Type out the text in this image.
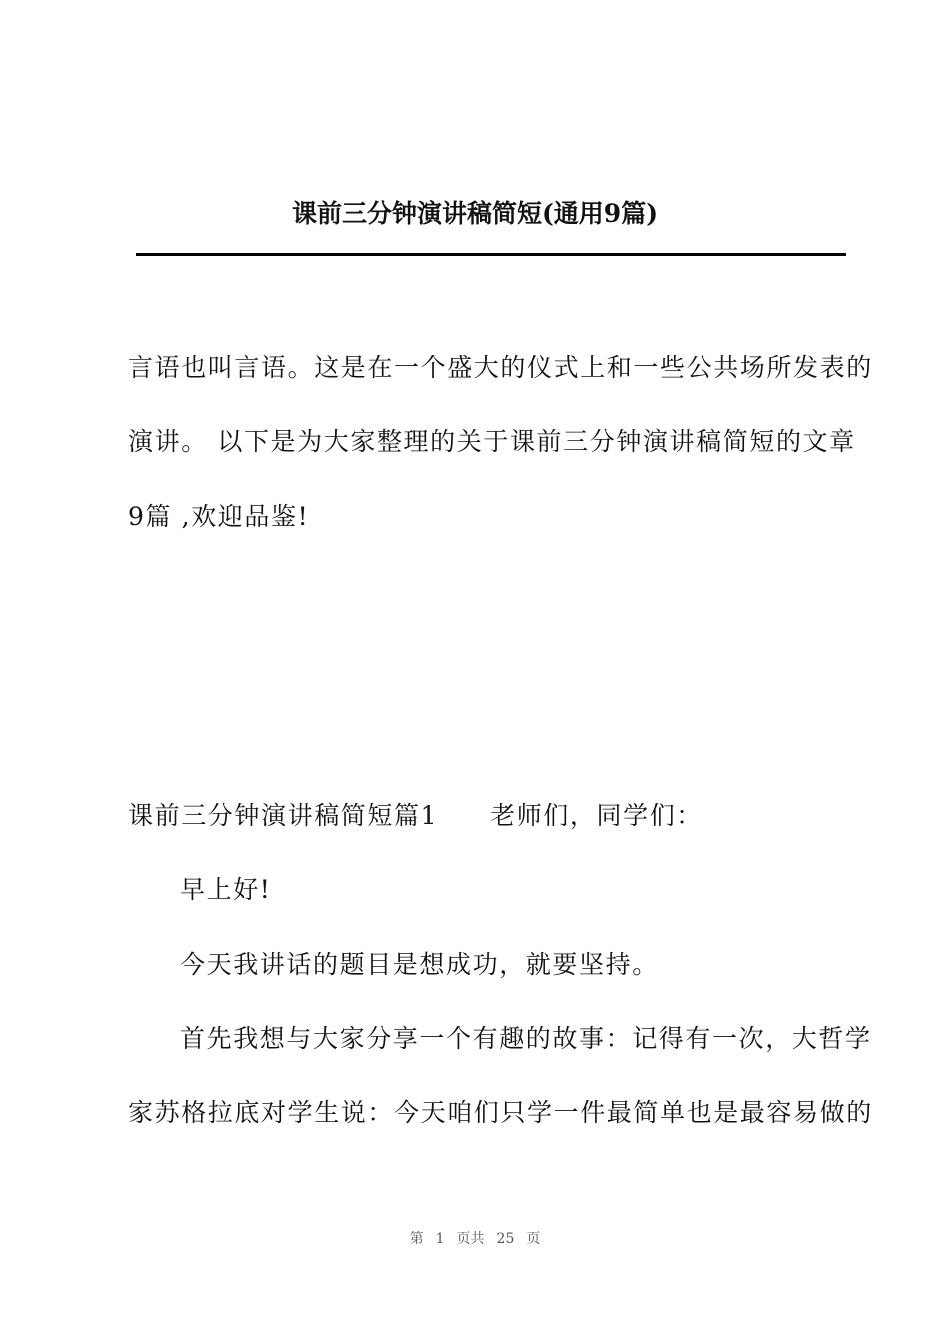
课前三分钟演讲稿简短(通用9篇)
言语也叫言语。这是在一个盛大的仪式上和一些公共场所发表的
演讲。 以下是为大家整理的关于课前三分钟演讲稿简短的文章
9篇 ,欢迎品鉴!
课前三分钟演讲稿简短篇1 老师们，同学们：
早上好!
今天我讲话的题目是想成功，就要坚持。
首先我想与大家分享一个有趣的故事：记得有一次，大哲学
家苏格拉底对学生说：今天咱们只学一件最简单也是最容易做的
第 1 页共 25 页
